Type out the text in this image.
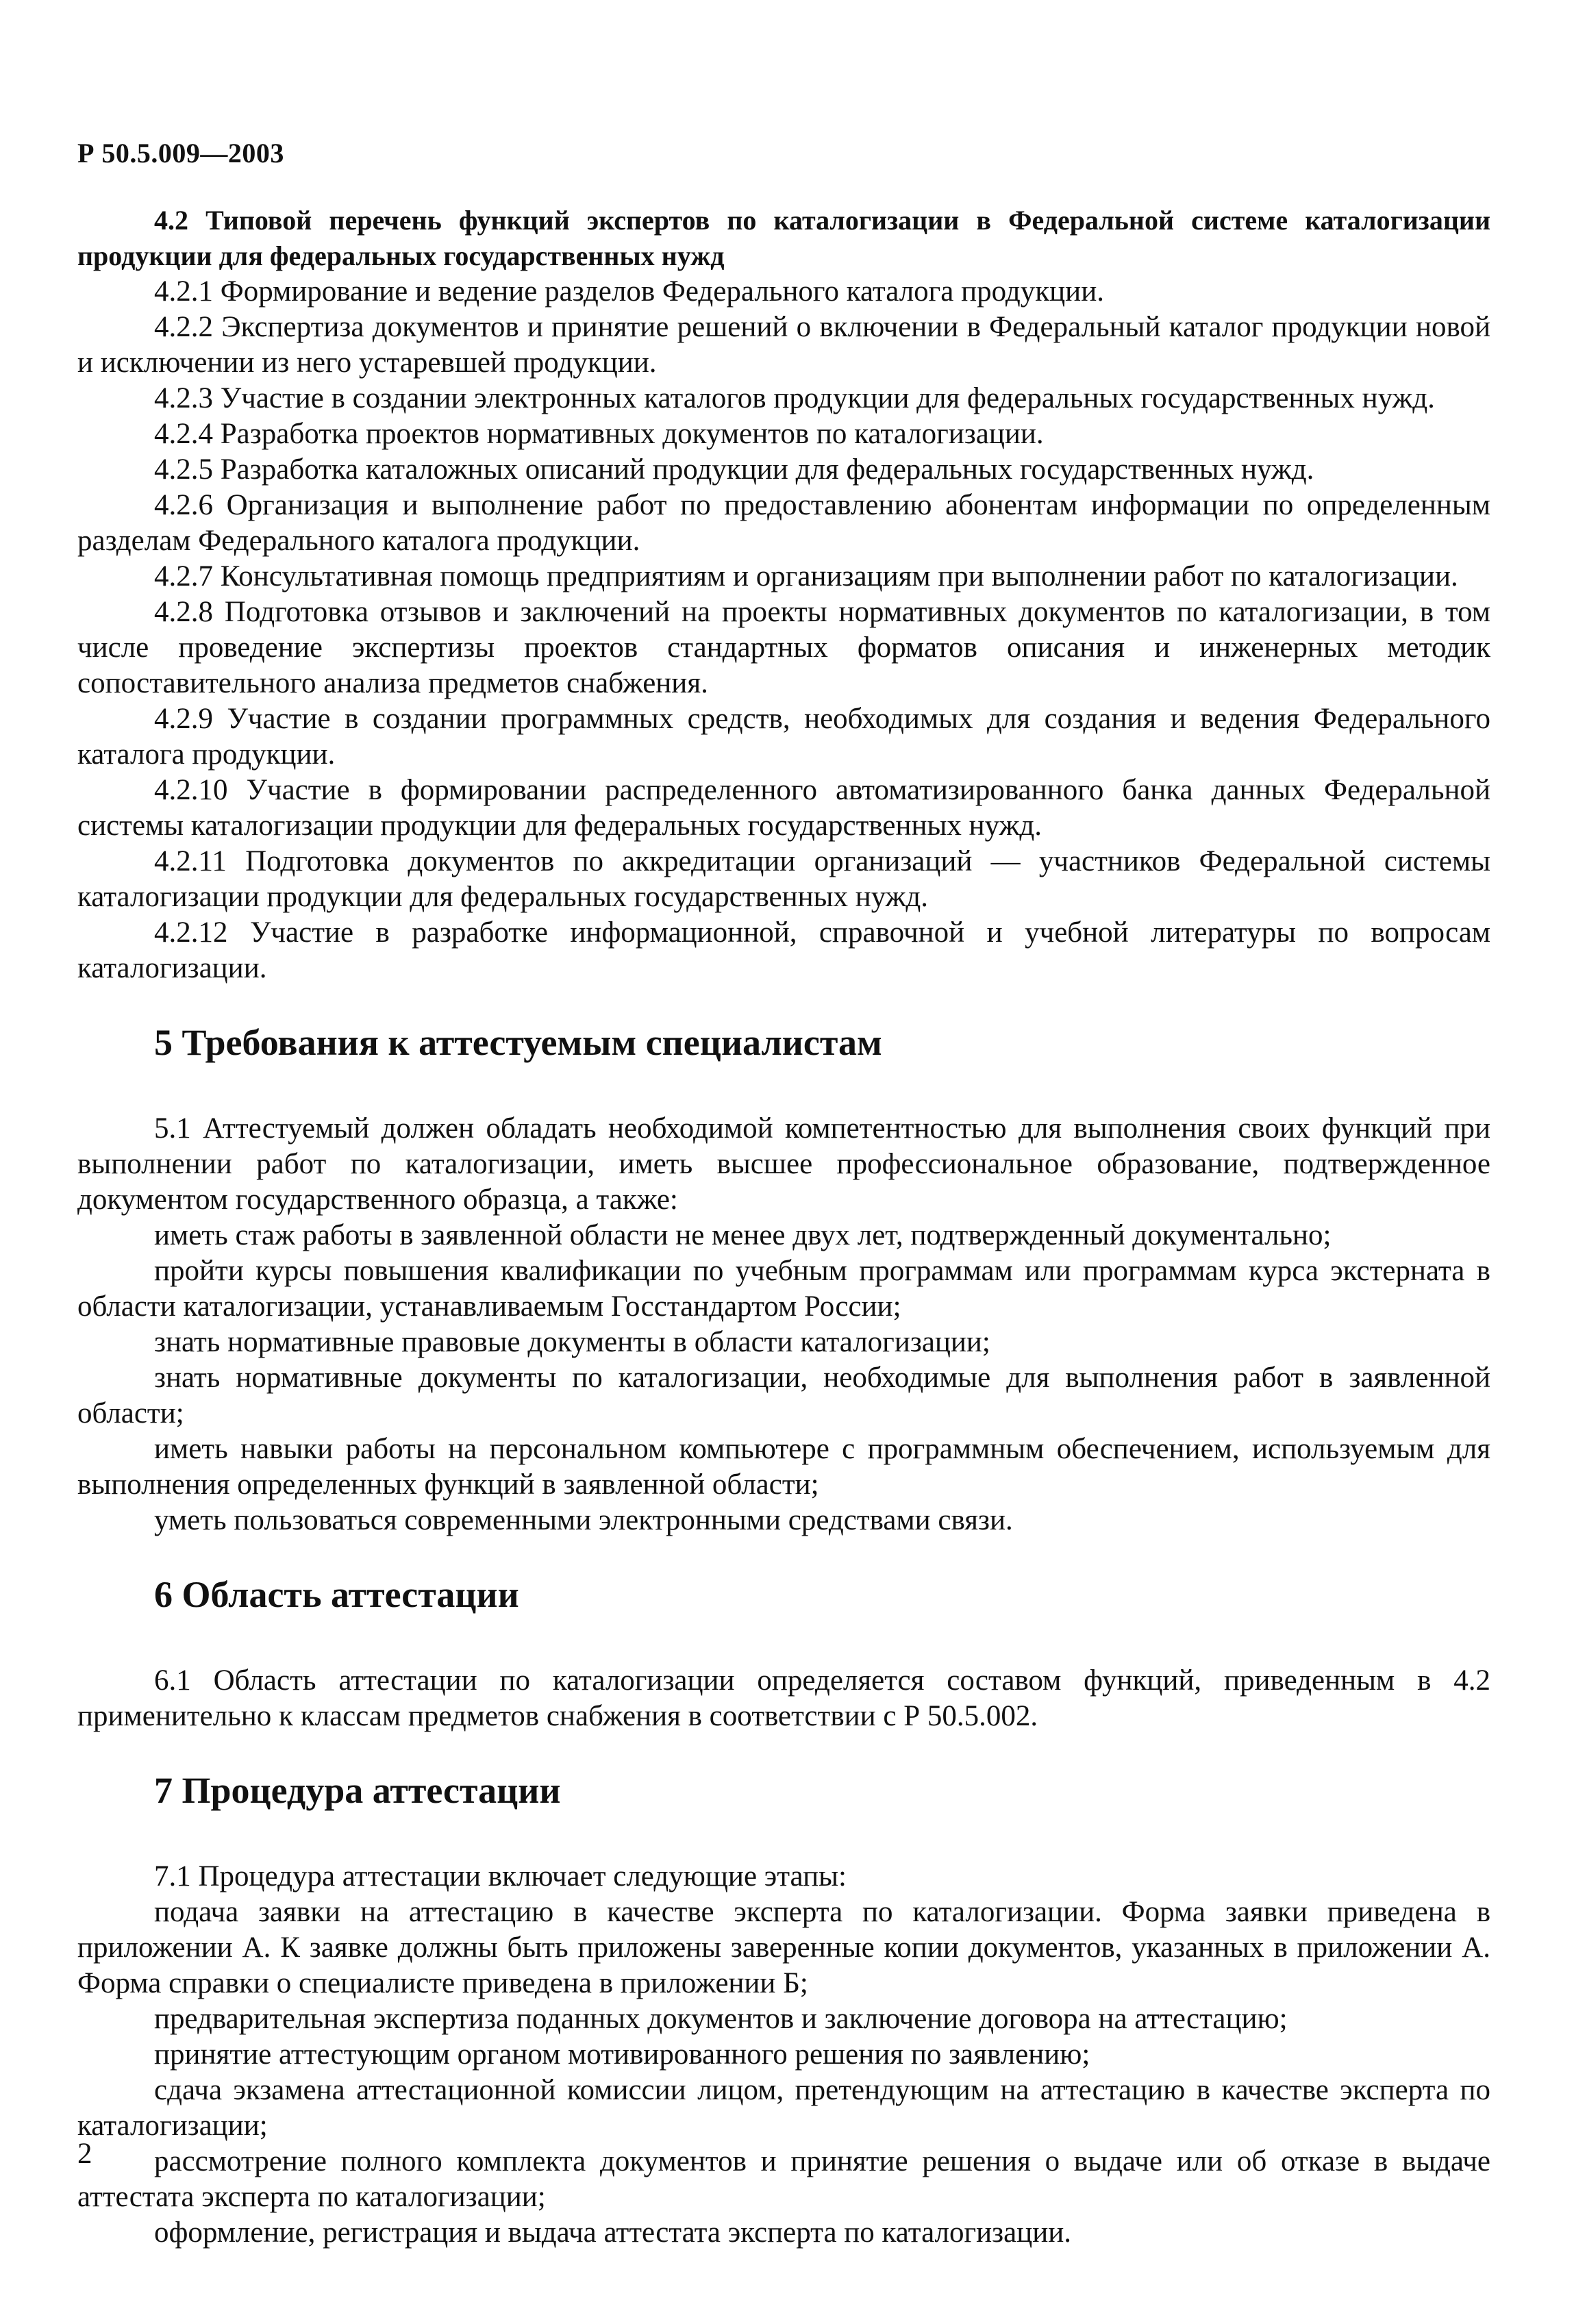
Р 50.5.009—2003

4.2 Типовой перечень функций экспертов по каталогизации в Федеральной системе каталогизации продукции для федеральных государственных нужд

4.2.1 Формирование и ведение разделов Федерального каталога продукции.

4.2.2 Экспертиза документов и принятие решений о включении в Федеральный каталог продукции новой и исключении из него устаревшей продукции.

4.2.3 Участие в создании электронных каталогов продукции для федеральных государственных нужд.

4.2.4 Разработка проектов нормативных документов по каталогизации.

4.2.5 Разработка каталожных описаний продукции для федеральных государственных нужд.

4.2.6 Организация и выполнение работ по предоставлению абонентам информации по определенным разделам Федерального каталога продукции.

4.2.7 Консультативная помощь предприятиям и организациям при выполнении работ по каталогизации.

4.2.8 Подготовка отзывов и заключений на проекты нормативных документов по каталогизации, в том числе проведение экспертизы проектов стандартных форматов описания и инженерных методик сопоставительного анализа предметов снабжения.

4.2.9 Участие в создании программных средств, необходимых для создания и ведения Федерального каталога продукции.

4.2.10 Участие в формировании распределенного автоматизированного банка данных Федеральной системы каталогизации продукции для федеральных государственных нужд.

4.2.11 Подготовка документов по аккредитации организаций — участников Федеральной системы каталогизации продукции для федеральных государственных нужд.

4.2.12 Участие в разработке информационной, справочной и учебной литературы по вопросам каталогизации.

5 Требования к аттестуемым специалистам

5.1 Аттестуемый должен обладать необходимой компетентностью для выполнения своих функций при выполнении работ по каталогизации, иметь высшее профессиональное образование, подтвержденное документом государственного образца, а также:

иметь стаж работы в заявленной области не менее двух лет, подтвержденный документально;

пройти курсы повышения квалификации по учебным программам или программам курса экстерната в области каталогизации, устанавливаемым Госстандартом России;

знать нормативные правовые документы в области каталогизации;

знать нормативные документы по каталогизации, необходимые для выполнения работ в заявленной области;

иметь навыки работы на персональном компьютере с программным обеспечением, используемым для выполнения определенных функций в заявленной области;

уметь пользоваться современными электронными средствами связи.

6 Область аттестации

6.1 Область аттестации по каталогизации определяется составом функций, приведенным в 4.2 применительно к классам предметов снабжения в соответствии с Р 50.5.002.

7 Процедура аттестации

7.1 Процедура аттестации включает следующие этапы:

подача заявки на аттестацию в качестве эксперта по каталогизации. Форма заявки приведена в приложении А. К заявке должны быть приложены заверенные копии документов, указанных в приложении А. Форма справки о специалисте приведена в приложении Б;

предварительная экспертиза поданных документов и заключение договора на аттестацию;

принятие аттестующим органом мотивированного решения по заявлению;

сдача экзамена аттестационной комиссии лицом, претендующим на аттестацию в качестве эксперта по каталогизации;

рассмотрение полного комплекта документов и принятие решения о выдаче или об отказе в выдаче аттестата эксперта по каталогизации;

оформление, регистрация и выдача аттестата эксперта по каталогизации.

2
